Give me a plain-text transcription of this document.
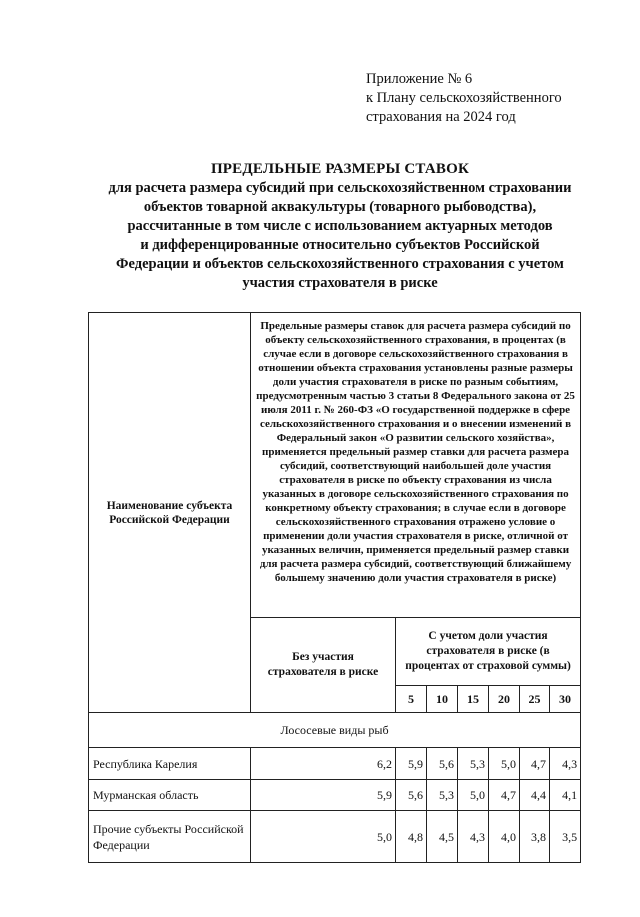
Приложение № 6
к Плану сельскохозяйственного
страхования на 2024 год
ПРЕДЕЛЬНЫЕ РАЗМЕРЫ СТАВОК
для расчета размера субсидий при сельскохозяйственном страховании
объектов товарной аквакультуры (товарного рыбоводства),
рассчитанные в том числе с использованием актуарных методов
и дифференцированные относительно субъектов Российской
Федерации и объектов сельскохозяйственного страхования с учетом
участия страхователя в риске
Наименование субъекта Российской Федерации	Предельные размеры ставок для расчета размера субсидий по объекту сельскохозяйственного страхования, в процентах (в случае если в договоре сельскохозяйственного страхования в отношении объекта страхования установлены разные размеры доли участия страхователя в риске по разным событиям, предусмотренным частью 3 статьи 8 Федерального закона от 25 июля 2011 г. № 260-ФЗ «О государственной поддержке в сфере сельскохозяйственного страхования и о внесении изменений в Федеральный закон «О развитии сельского хозяйства», применяется предельный размер ставки для расчета размера субсидий, соответствующий наибольшей доле участия страхователя в риске по объекту страхования из числа указанных в договоре сельскохозяйственного страхования по конкретному объекту страхования; в случае если в договоре сельскохозяйственного страхования отражено условие о применении доли участия страхователя в риске, отличной от указанных величин, применяется предельный размер ставки для расчета размера субсидий, соответствующий ближайшему большему значению доли участия страхователя в риске)						
	Без участия страхователя в риске	С учетом доли участия страхователя в риске (в процентах от страховой суммы)					
		5	10	15	20	25	30
Лососевые виды рыб							
Республика Карелия	6,2	5,9	5,6	5,3	5,0	4,7	4,3
Мурманская область	5,9	5,6	5,3	5,0	4,7	4,4	4,1
Прочие субъекты Российской Федерации	5,0	4,8	4,5	4,3	4,0	3,8	3,5
